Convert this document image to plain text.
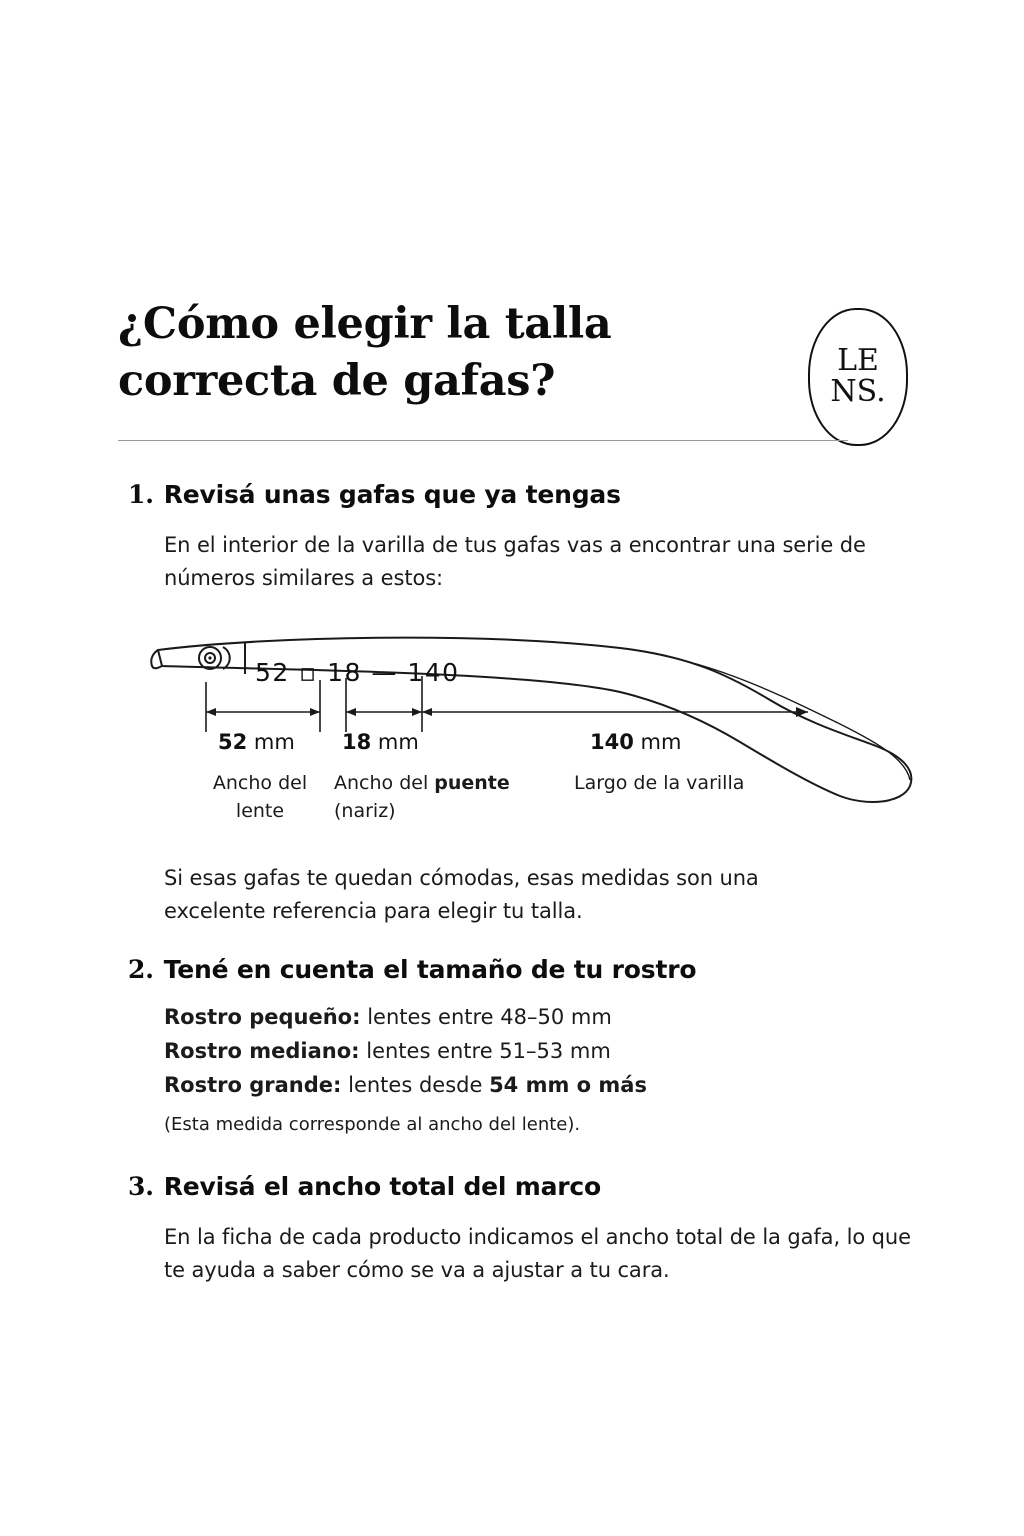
¿Cómo elegir la talla correcta de gafas?	LE
NS.
1. Revisá unas gafas que ya tengas
En el interior de la varilla de tus gafas vas a encontrar una serie de números similares a estos:
52 ▫ 18 — 140
52 mm 18 mm	140 mm
Ancho del
lente
Ancho del puente
(nariz)
Largo de la varilla
Si esas gafas te quedan cómodas, esas medidas son una excelente referencia para elegir tu talla.
2. Tené en cuenta el tamaño de tu rostro
Rostro pequeño: lentes entre 48–50 mm
Rostro mediano: lentes entre 51–53 mm
Rostro grande: lentes desde 54 mm o más
(Esta medida corresponde al ancho del lente).
3. Revisá el ancho total del marco
En la ficha de cada producto indicamos el ancho total de la gafa, lo que te ayuda a saber cómo se va a ajustar a tu cara.
